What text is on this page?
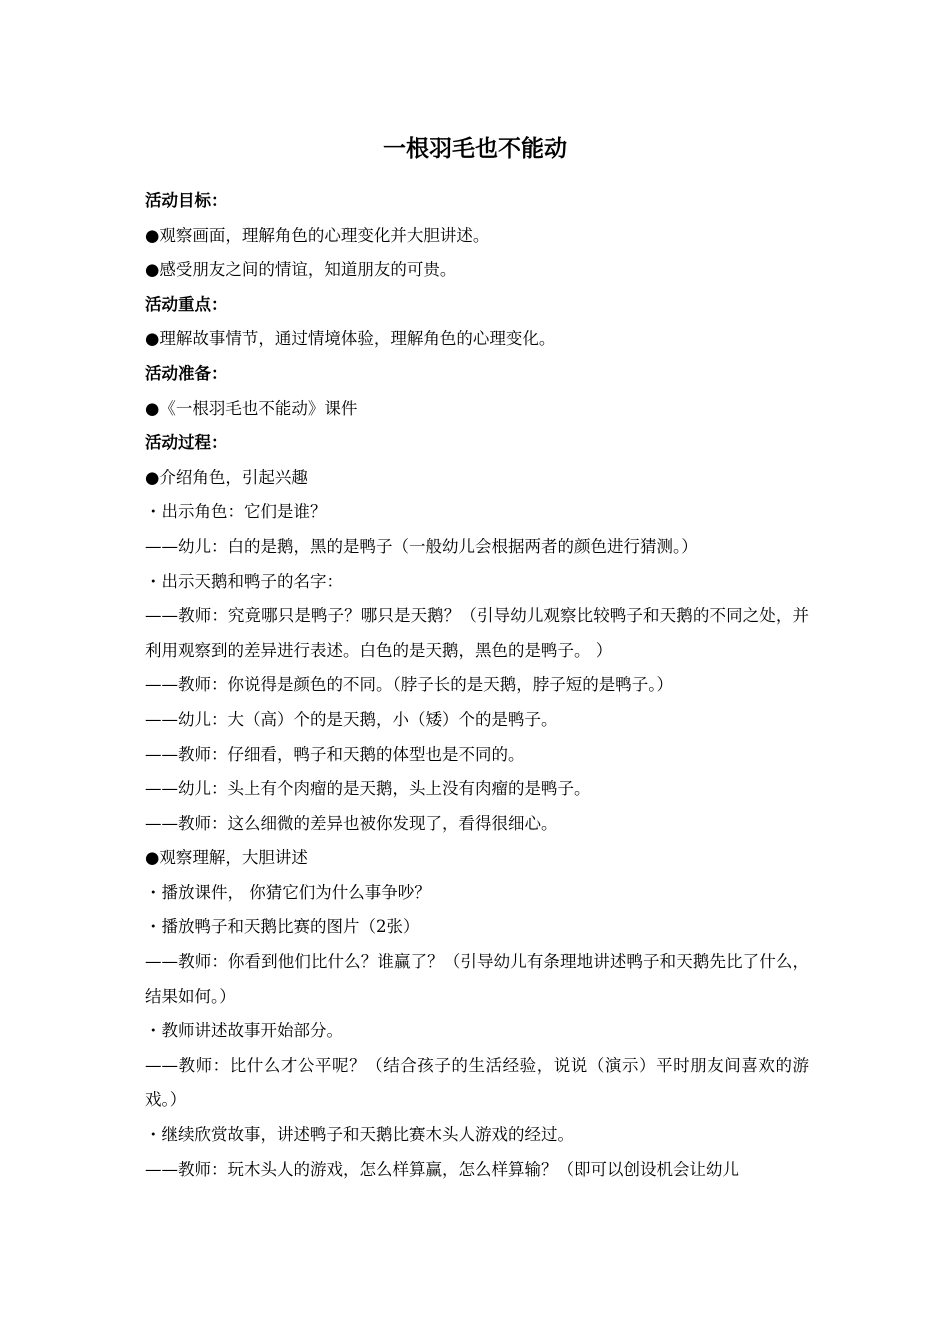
一根羽毛也不能动
活动目标：
●观察画面，理解角色的心理变化并大胆讲述。
●感受朋友之间的情谊，知道朋友的可贵。
活动重点：
●理解故事情节，通过情境体验，理解角色的心理变化。
活动准备：
●《一根羽毛也不能动》课件
活动过程：
●介绍角色，引起兴趣
・出示角色：它们是谁？
——幼儿：白的是鹅，黑的是鸭子（一般幼儿会根据两者的颜色进行猜测。）
・出示天鹅和鸭子的名字：
——教师：究竟哪只是鸭子？哪只是天鹅？（引导幼儿观察比较鸭子和天鹅的不同之处，并利用观察到的差异进行表述。白色的是天鹅，黑色的是鸭子。 ）
——教师：你说得是颜色的不同。（脖子长的是天鹅，脖子短的是鸭子。）
——幼儿：大（高）个的是天鹅，小（矮）个的是鸭子。
——教师：仔细看，鸭子和天鹅的体型也是不同的。
——幼儿：头上有个肉瘤的是天鹅，头上没有肉瘤的是鸭子。
——教师：这么细微的差异也被你发现了，看得很细心。
●观察理解，大胆讲述
・播放课件， 你猜它们为什么事争吵？
・播放鸭子和天鹅比赛的图片（2张）
——教师：你看到他们比什么？谁赢了？（引导幼儿有条理地讲述鸭子和天鹅先比了什么，结果如何。）
・教师讲述故事开始部分。
——教师：比什么才公平呢？（结合孩子的生活经验，说说（演示）平时朋友间喜欢的游戏。）
・继续欣赏故事，讲述鸭子和天鹅比赛木头人游戏的经过。
——教师：玩木头人的游戏，怎么样算赢，怎么样算输？（即可以创设机会让幼儿
